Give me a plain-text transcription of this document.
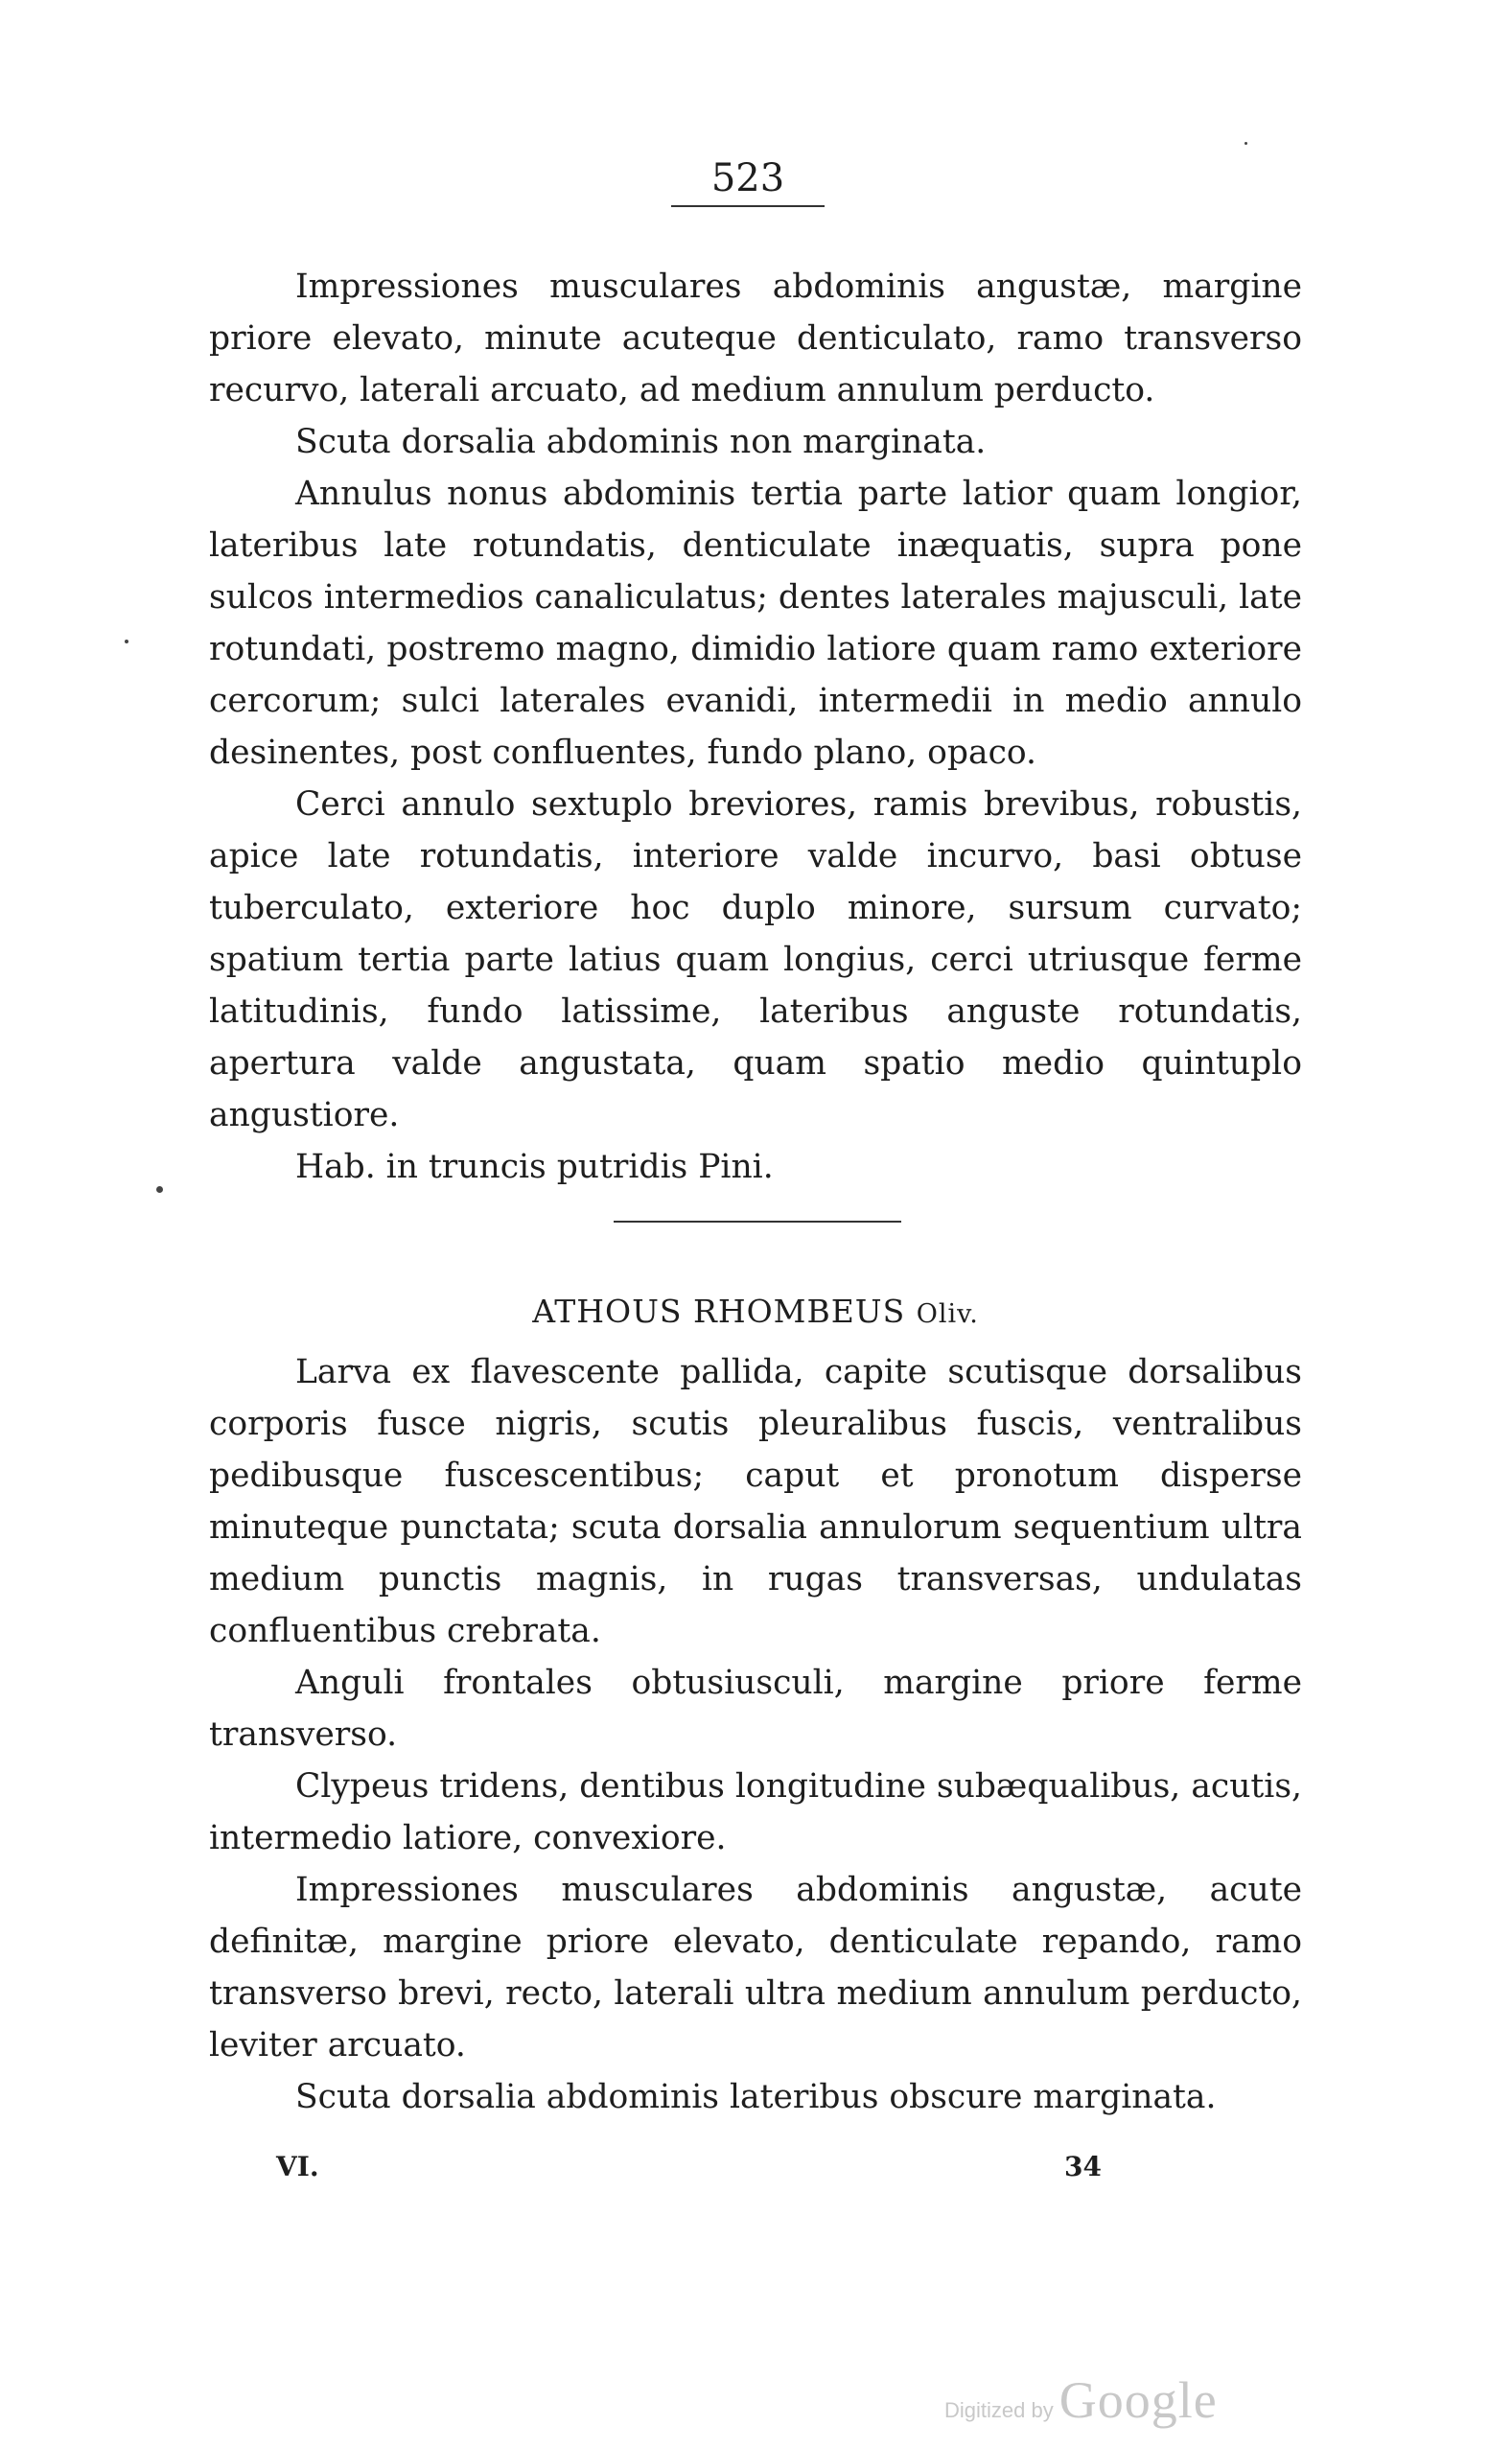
523

Impressiones musculares abdominis angustæ, margine priore elevato, minute acuteque denticulato, ramo transverso recurvo, laterali arcuato, ad medium annulum perducto.

Scuta dorsalia abdominis non marginata.

Annulus nonus abdominis tertia parte latior quam longior, lateribus late rotundatis, denticulate inæquatis, supra pone sulcos intermedios canaliculatus; dentes laterales majusculi, late rotundati, postremo magno, dimidio latiore quam ramo exteriore cercorum; sulci laterales evanidi, intermedii in medio annulo desinentes, post confluentes, fundo plano, opaco.

Cerci annulo sextuplo breviores, ramis brevibus, robustis, apice late rotundatis, interiore valde incurvo, basi obtuse tuberculato, exteriore hoc duplo minore, sursum curvato; spatium tertia parte latius quam longius, cerci utriusque ferme latitudinis, fundo latissime, lateribus anguste rotundatis, apertura valde angustata, quam spatio medio quintuplo angustiore.

Hab. in truncis putridis Pini.

ATHOUS RHOMBEUS Oliv.

Larva ex flavescente pallida, capite scutisque dorsalibus corporis fusce nigris, scutis pleuralibus fuscis, ventralibus pedibusque fuscescentibus; caput et pronotum disperse minuteque punctata; scuta dorsalia annulorum sequentium ultra medium punctis magnis, in rugas transversas, undulatas confluentibus crebrata.

Anguli frontales obtusiusculi, margine priore ferme transverso.

Clypeus tridens, dentibus longitudine subæqualibus, acutis, intermedio latiore, convexiore.

Impressiones musculares abdominis angustæ, acute definitæ, margine priore elevato, denticulate repando, ramo transverso brevi, recto, laterali ultra medium annulum perducto, leviter arcuato.

Scuta dorsalia abdominis lateribus obscure marginata.

VI.	34
Digitized by Google
